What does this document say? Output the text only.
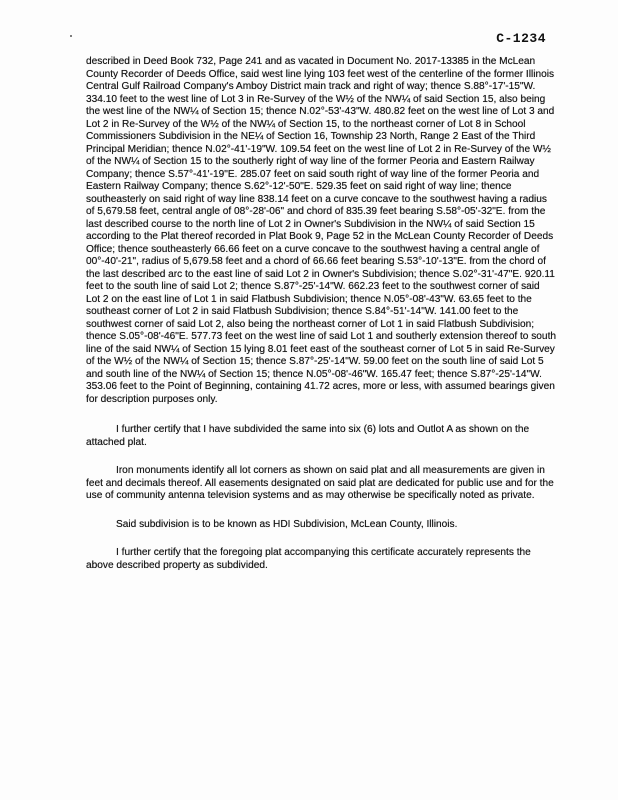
C-1234

described in Deed Book 732, Page 241 and as vacated in Document No. 2017-13385 in the McLean County Recorder of Deeds Office, said west line lying 103 feet west of the centerline of the former Illinois Central Gulf Railroad Company's Amboy District main track and right of way; thence S.88°-17'-15"W. 334.10 feet to the west line of Lot 3 in Re-Survey of the W½ of the NW¼ of said Section 15, also being the west line of the NW¼ of Section 15; thence N.02°-53'-43"W. 480.82 feet on the west line of Lot 3 and Lot 2 in Re-Survey of the W½ of the NW¼ of Section 15, to the northeast corner of Lot 8 in School Commissioners Subdivision in the NE¼ of Section 16, Township 23 North, Range 2 East of the Third Principal Meridian; thence N.02°-41'-19"W. 109.54 feet on the west line of Lot 2 in Re-Survey of the W½ of the NW¼ of Section 15 to the southerly right of way line of the former Peoria and Eastern Railway Company; thence S.57°-41'-19"E. 285.07 feet on said south right of way line of the former Peoria and Eastern Railway Company; thence S.62°-12'-50"E. 529.35 feet on said right of way line; thence southeasterly on said right of way line 838.14 feet on a curve concave to the southwest having a radius of 5,679.58 feet, central angle of 08°-28'-06" and chord of 835.39 feet bearing S.58°-05'-32"E. from the last described course to the north line of Lot 2 in Owner's Subdivision in the NW¼ of said Section 15 according to the Plat thereof recorded in Plat Book 9, Page 52 in the McLean County Recorder of Deeds Office; thence southeasterly 66.66 feet on a curve concave to the southwest having a central angle of 00°-40'-21", radius of 5,679.58 feet and a chord of 66.66 feet bearing S.53°-10'-13"E. from the chord of the last described arc to the east line of said Lot 2 in Owner's Subdivision; thence S.02°-31'-47"E. 920.11 feet to the south line of said Lot 2; thence S.87°-25'-14"W. 662.23 feet to the southwest corner of said Lot 2 on the east line of Lot 1 in said Flatbush Subdivision; thence N.05°-08'-43"W. 63.65 feet to the southeast corner of Lot 2 in said Flatbush Subdivision; thence S.84°-51'-14"W. 141.00 feet to the southwest corner of said Lot 2, also being the northeast corner of Lot 1 in said Flatbush Subdivision; thence S.05°-08'-46"E. 577.73 feet on the west line of said Lot 1 and southerly extension thereof to south line of the said NW¼ of Section 15 lying 8.01 feet east of the southeast corner of Lot 5 in said Re-Survey of the W½ of the NW¼ of Section 15; thence S.87°-25'-14"W. 59.00 feet on the south line of said Lot 5 and south line of the NW¼ of Section 15; thence N.05°-08'-46"W. 165.47 feet; thence S.87°-25'-14"W. 353.06 feet to the Point of Beginning, containing 41.72 acres, more or less, with assumed bearings given for description purposes only.

I further certify that I have subdivided the same into six (6) lots and Outlot A as shown on the attached plat.

Iron monuments identify all lot corners as shown on said plat and all measurements are given in feet and decimals thereof. All easements designated on said plat are dedicated for public use and for the use of community antenna television systems and as may otherwise be specifically noted as private.

Said subdivision is to be known as HDI Subdivision, McLean County, Illinois.

I further certify that the foregoing plat accompanying this certificate accurately represents the above described property as subdivided.
